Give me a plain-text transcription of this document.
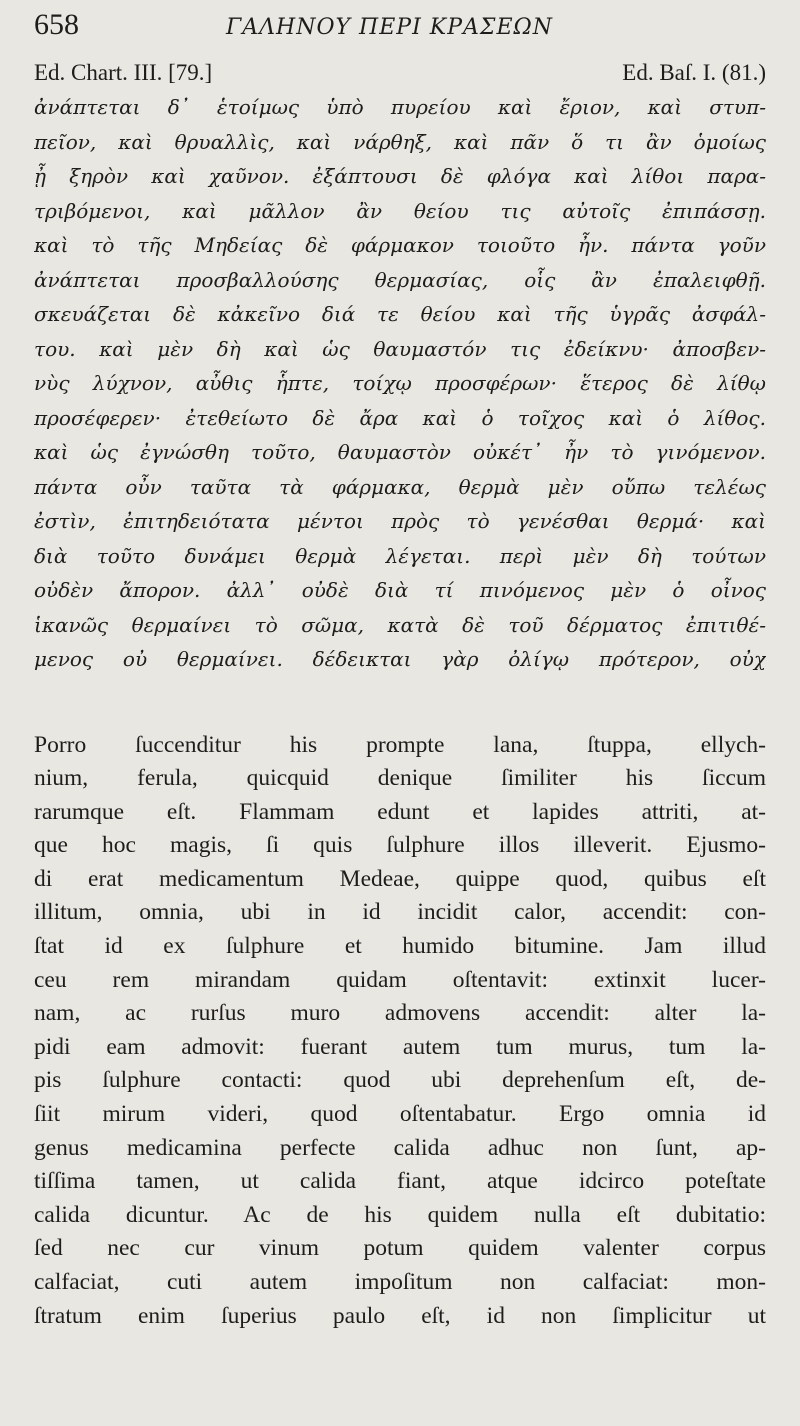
658	ΓΑΛΗΝΟΥ ΠΕΡΙ ΚΡΑΣΕΩΝ
Ed. Chart. III. [79.]	Ed. Baſ. I. (81.)
ἀνάπτεται δ᾽ ἑτοίμως ὑπὸ πυρείου καὶ ἔριον, καὶ στυπ-
πεῖον, καὶ θρυαλλὶς, καὶ νάρθηξ, καὶ πᾶν ὅ τι ἂν ὁμοίως
ᾖ ξηρὸν καὶ χαῦνον. ἐξάπτουσι δὲ φλόγα καὶ λίθοι παρα-
τριβόμενοι, καὶ μᾶλλον ἂν θείου τις αὐτοῖς ἐπιπάσσῃ.
καὶ τὸ τῆς Μηδείας δὲ φάρμακον τοιοῦτο ἦν. πάντα γοῦν
ἀνάπτεται προσβαλλούσης θερμασίας, οἷς ἂν ἐπαλειφθῇ.
σκευάζεται δὲ κἀκεῖνο διά τε θείου καὶ τῆς ὑγρᾶς ἀσφάλ-
του. καὶ μὲν δὴ καὶ ὡς θαυμαστόν τις ἐδείκνυ· ἀποσβεν-
νὺς λύχνον, αὖθις ἧπτε, τοίχῳ προσφέρων· ἕτερος δὲ λίθῳ
προσέφερεν· ἐτεθείωτο δὲ ἄρα καὶ ὁ τοῖχος καὶ ὁ λίθος.
καὶ ὡς ἐγνώσθη τοῦτο, θαυμαστὸν οὐκέτ᾽ ἦν τὸ γινόμενον.
πάντα οὖν ταῦτα τὰ φάρμακα, θερμὰ μὲν οὔπω τελέως
ἐστὶν, ἐπιτηδειότατα μέντοι πρὸς τὸ γενέσθαι θερμά· καὶ
διὰ τοῦτο δυνάμει θερμὰ λέγεται. περὶ μὲν δὴ τούτων
οὐδὲν ἄπορον. ἀλλ᾽ οὐδὲ διὰ τί πινόμενος μὲν ὁ οἶνος
ἱκανῶς θερμαίνει τὸ σῶμα, κατὰ δὲ τοῦ δέρματος ἐπιτιθέ-
μενος οὐ θερμαίνει. δέδεικται γὰρ ὀλίγῳ πρότερον, οὐχ
Porro ſuccenditur his prompte lana, ſtuppa, ellych-
nium, ferula, quicquid denique ſimiliter his ſiccum
rarumque eſt. Flammam edunt et lapides attriti, at-
que hoc magis, ſi quis ſulphure illos illeverit. Ejusmo-
di erat medicamentum Medeae, quippe quod, quibus eſt
illitum, omnia, ubi in id incidit calor, accendit: con-
ſtat id ex ſulphure et humido bitumine. Jam illud
ceu rem mirandam quidam oſtentavit: extinxit lucer-
nam, ac rurſus muro admovens accendit: alter la-
pidi eam admovit: fuerant autem tum murus, tum la-
pis ſulphure contacti: quod ubi deprehenſum eſt, de-
ſiit mirum videri, quod oſtentabatur. Ergo omnia id
genus medicamina perfecte calida adhuc non ſunt, ap-
tiſſima tamen, ut calida fiant, atque idcirco poteſtate
calida dicuntur. Ac de his quidem nulla eſt dubitatio:
ſed nec cur vinum potum quidem valenter corpus
calfaciat, cuti autem impoſitum non calfaciat: mon-
ſtratum enim ſuperius paulo eſt, id non ſimplicitur ut
